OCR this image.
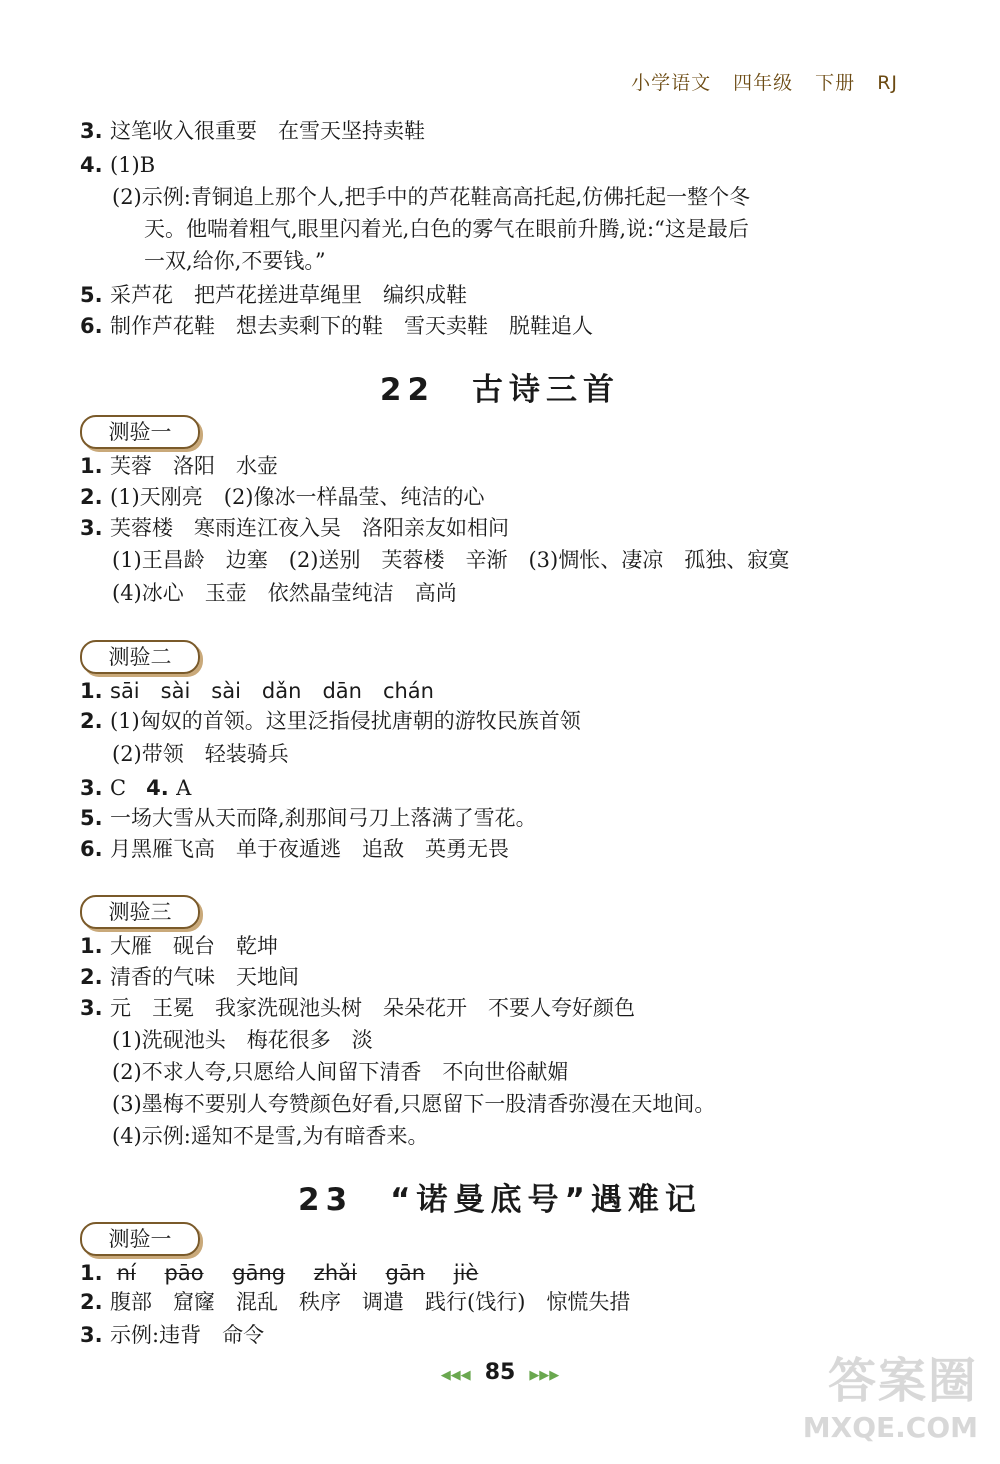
小学语文 四年级 下册 RJ
3. 这笔收入很重要　在雪天坚持卖鞋
4. (1)B
(2)示例:青铜追上那个人,把手中的芦花鞋高高托起,仿佛托起一整个冬
天。他喘着粗气,眼里闪着光,白色的雾气在眼前升腾,说:“这是最后
一双,给你,不要钱。”
5. 采芦花　把芦花搓进草绳里　编织成鞋
6. 制作芦花鞋　想去卖剩下的鞋　雪天卖鞋　脱鞋追人
22　古诗三首
测验一
1. 芙蓉　洛阳　水壶
2. (1)天刚亮　(2)像冰一样晶莹、纯洁的心
3. 芙蓉楼　寒雨连江夜入吴　洛阳亲友如相问
(1)王昌龄　边塞　(2)送别　芙蓉楼　辛渐　(3)惆怅、凄凉　孤独、寂寞
(4)冰心　玉壶　依然晶莹纯洁　高尚
测验二
1. sāi　sài　sài　dǎn　dān　chán
2. (1)匈奴的首领。这里泛指侵扰唐朝的游牧民族首领
(2)带领　轻装骑兵
3. C 4. A
5. 一场大雪从天而降,刹那间弓刀上落满了雪花。
6. 月黑雁飞高　单于夜遁逃　追敌　英勇无畏
测验三
1. 大雁　砚台　乾坤
2. 清香的气味　天地间
3. 元　王冕　我家洗砚池头树　朵朵花开　不要人夸好颜色
(1)洗砚池头　梅花很多　淡
(2)不求人夸,只愿给人间留下清香　不向世俗献媚
(3)墨梅不要别人夸赞颜色好看,只愿留下一股清香弥漫在天地间。
(4)示例:遥知不是雪,为有暗香来。
23　“诺曼底号”遇难记
测验一
1. ní pāo gāng zhǎi gān jiè
2. 腹部　窟窿　混乱　秩序　调遣　践行(饯行)　惊慌失措
3. 示例:违背　命令
◀◀◀ 85 ▶▶▶	答案圈
MXQE.COM
